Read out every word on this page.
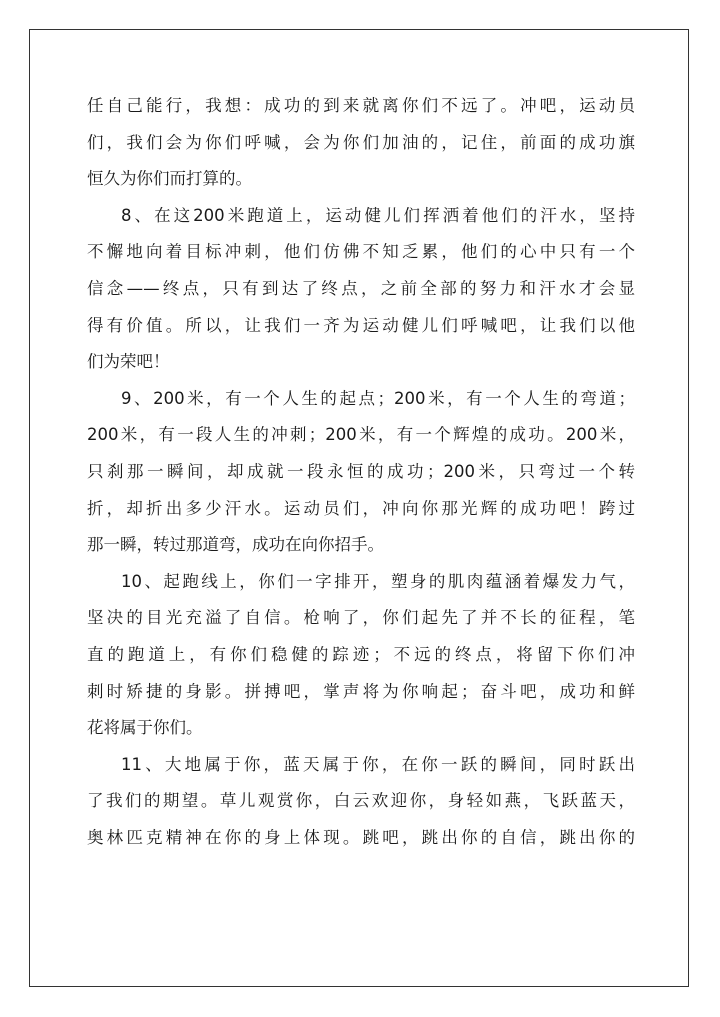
任自己能行，我想：成功的到来就离你们不远了。冲吧，运动员
们，我们会为你们呼喊，会为你们加油的，记住，前面的成功旗
恒久为你们而打算的。
8、在这200米跑道上，运动健儿们挥洒着他们的汗水，坚持
不懈地向着目标冲刺，他们仿佛不知乏累，他们的心中只有一个
信念——终点，只有到达了终点，之前全部的努力和汗水才会显
得有价值。所以，让我们一齐为运动健儿们呼喊吧，让我们以他
们为荣吧！
9、200米，有一个人生的起点；200米，有一个人生的弯道；
200米，有一段人生的冲刺；200米，有一个辉煌的成功。200米，
只刹那一瞬间，却成就一段永恒的成功；200米，只弯过一个转
折，却折出多少汗水。运动员们，冲向你那光辉的成功吧！跨过
那一瞬，转过那道弯，成功在向你招手。
10、起跑线上，你们一字排开，塑身的肌肉蕴涵着爆发力气，
坚决的目光充溢了自信。枪响了，你们起先了并不长的征程，笔
直的跑道上，有你们稳健的踪迹；不远的终点，将留下你们冲
刺时矫捷的身影。拼搏吧，掌声将为你响起；奋斗吧，成功和鲜
花将属于你们。
11、大地属于你，蓝天属于你，在你一跃的瞬间，同时跃出
了我们的期望。草儿观赏你，白云欢迎你，身轻如燕，飞跃蓝天，
奥林匹克精神在你的身上体现。跳吧，跳出你的自信，跳出你的
